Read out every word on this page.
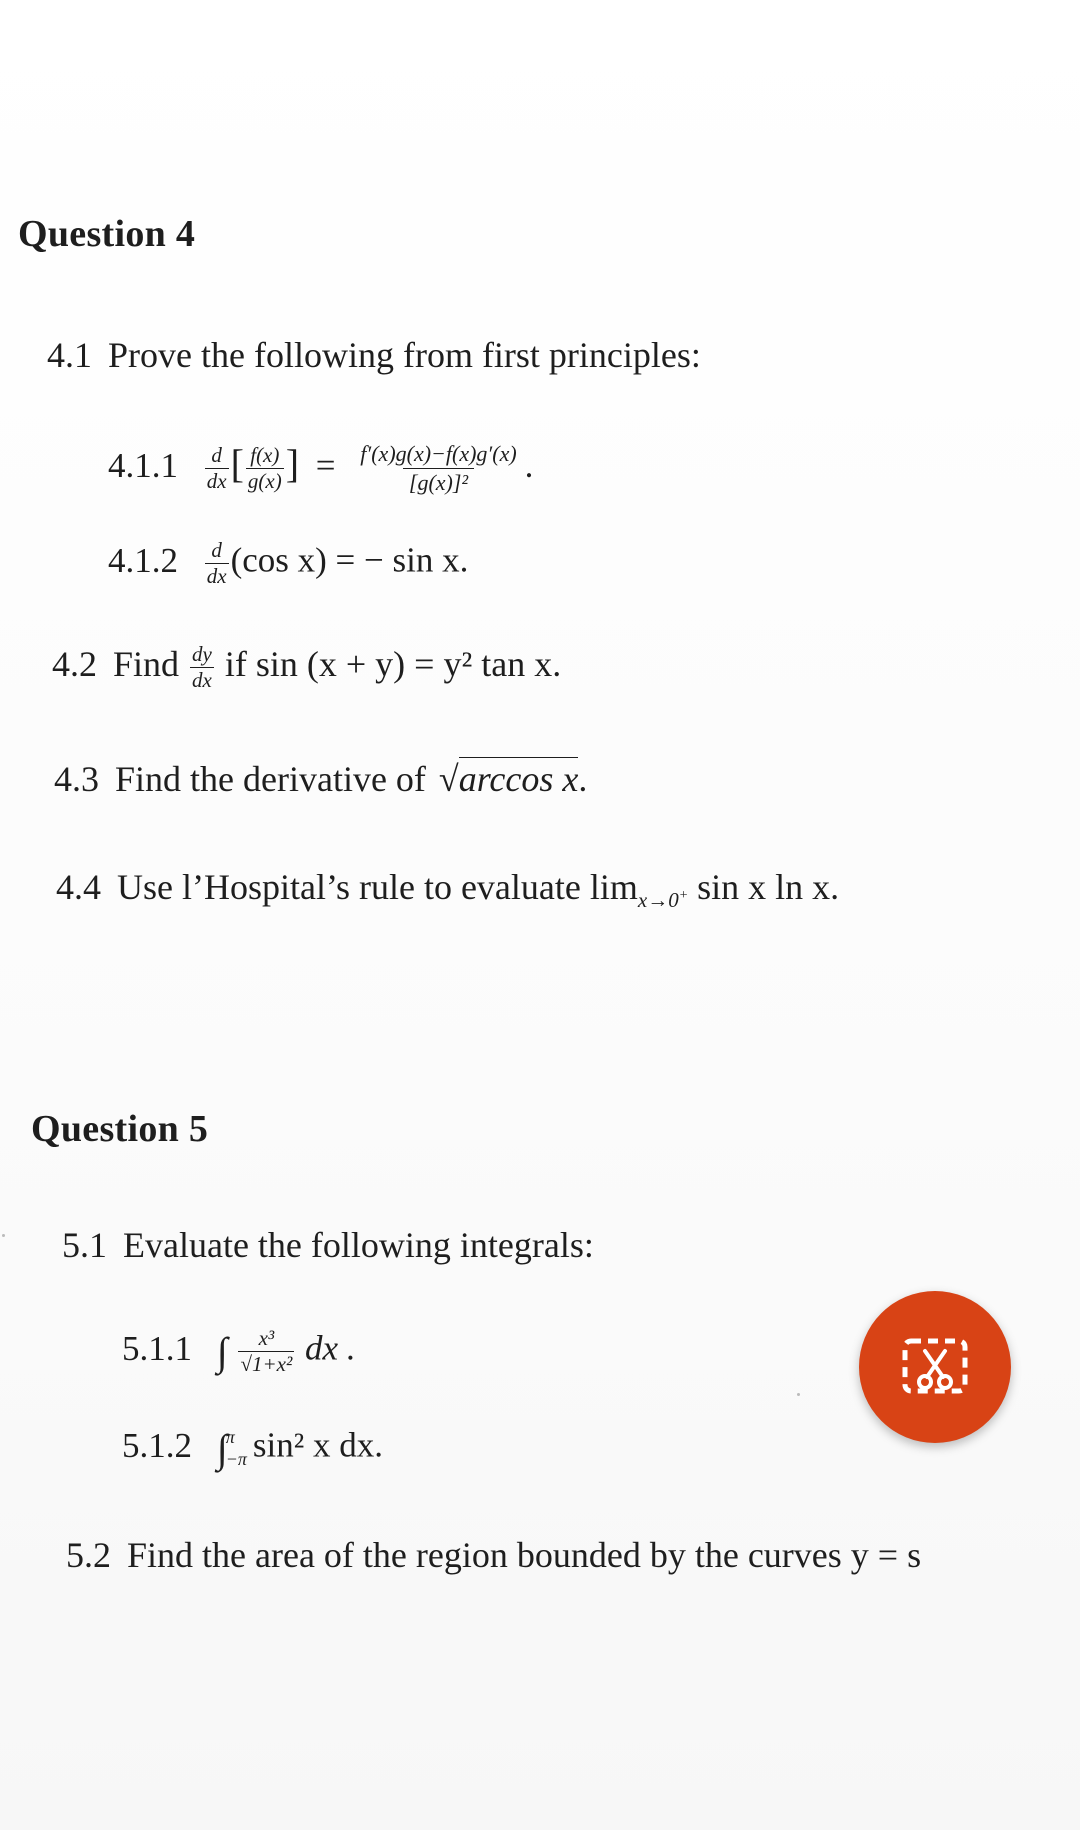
Question 4
4.1 Prove the following from first principles:
$4.1.1 \frac{d}{dx}$ [ $\frac{f(x)}{g(x)}$ ] = $\frac{f'(x)g(x)-f(x)g'(x)}{\text{[g(x)]²}}$ .
$4.1.2 \frac{d}{dx} (\cos$ x) = − sin x.
4.2 Find $\frac{dy}{dx}$ if sin (x + y) = y² tan x.
4.3 Find the derivative of √arccos x.
4.4 Use l’Hospital’s rule to evaluate $\lim_{x\to 0^+} \sin x$ ln x.
Question 5
5.1 Evaluate the following integrals:
5.1.1 ∫ $\frac{\text{x³}}{\text{√1+x²}}$ dx .
5.1.2 ∫
π
−π sin² x dx.
5.2 Find the area of the region bounded by the curves y = s
